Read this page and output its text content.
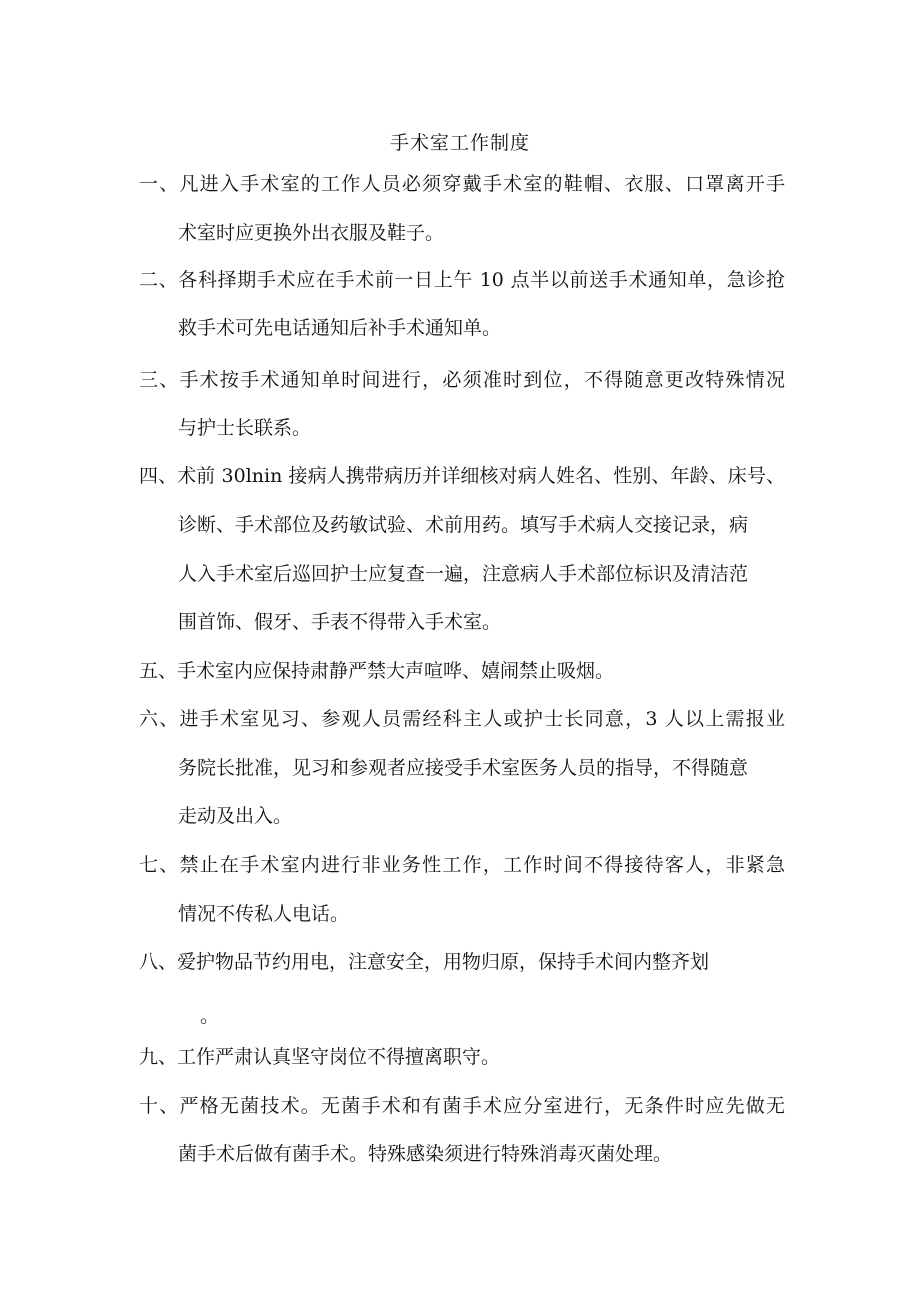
手术室工作制度
一、凡进入手术室的工作人员必须穿戴手术室的鞋帽、衣服、口罩离开手
术室时应更换外出衣服及鞋子。
二、各科择期手术应在手术前一日上午 10 点半以前送手术通知单，急诊抢
救手术可先电话通知后补手术通知单。
三、手术按手术通知单时间进行，必须准时到位，不得随意更改特殊情况
与护士长联系。
四、术前 30lnin 接病人携带病历并详细核对病人姓名、性别、年龄、床号、
诊断、手术部位及药敏试验、术前用药。填写手术病人交接记录，病
人入手术室后巡回护士应复查一遍，注意病人手术部位标识及清洁范
围首饰、假牙、手表不得带入手术室。
五、手术室内应保持肃静严禁大声喧哗、嬉闹禁止吸烟。
六、进手术室见习、参观人员需经科主人或护士长同意，3 人以上需报业
务院长批准，见习和参观者应接受手术室医务人员的指导，不得随意
走动及出入。
七、禁止在手术室内进行非业务性工作，工作时间不得接待客人，非紧急
情况不传私人电话。
八、爱护物品节约用电，注意安全，用物归原，保持手术间内整齐划
。
九、工作严肃认真坚守岗位不得擅离职守。
十、严格无菌技术。无菌手术和有菌手术应分室进行，无条件时应先做无
菌手术后做有菌手术。特殊感染须进行特殊消毒灭菌处理。
